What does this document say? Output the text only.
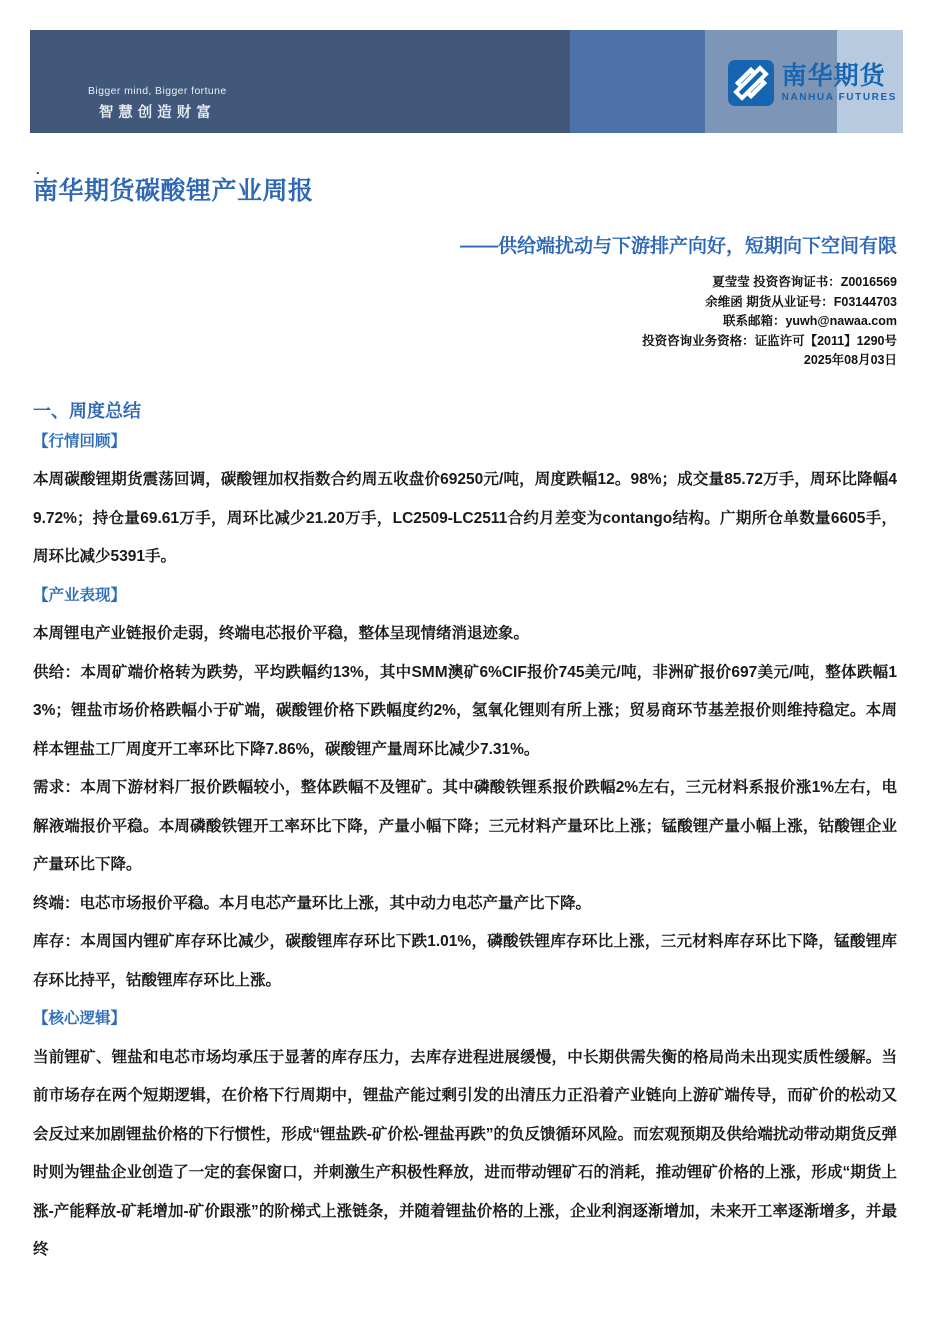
Bigger mind, Bigger fortune
智慧创造财富
南华期货
NANHUA FUTURES
.
南华期货碳酸锂产业周报
——供给端扰动与下游排产向好，短期向下空间有限
夏莹莹 投资咨询证书：Z0016569
余维函 期货从业证号：F03144703
联系邮箱：yuwh@nawaa.com
投资咨询业务资格：证监许可【2011】1290号
2025年08月03日
一、周度总结
【行情回顾】

本周碳酸锂期货震荡回调，碳酸锂加权指数合约周五收盘价69250元/吨，周度跌幅12。98%；成交量85.72万手，周环比降幅49.72%；持仓量69.61万手，周环比减少21.20万手，LC2509-LC2511合约月差变为contango结构。广期所仓单数量6605手，周环比减少5391手。

【产业表现】

本周锂电产业链报价走弱，终端电芯报价平稳，整体呈现情绪消退迹象。

供给：本周矿端价格转为跌势，平均跌幅约13%，其中SMM澳矿6%CIF报价745美元/吨，非洲矿报价697美元/吨，整体跌幅13%；锂盐市场价格跌幅小于矿端，碳酸锂价格下跌幅度约2%，氢氧化锂则有所上涨；贸易商环节基差报价则维持稳定。本周样本锂盐工厂周度开工率环比下降7.86%，碳酸锂产量周环比减少7.31%。

需求：本周下游材料厂报价跌幅较小，整体跌幅不及锂矿。其中磷酸铁锂系报价跌幅2%左右，三元材料系报价涨1%左右，电解液端报价平稳。本周磷酸铁锂开工率环比下降，产量小幅下降；三元材料产量环比上涨；锰酸锂产量小幅上涨，钴酸锂企业产量环比下降。

终端：电芯市场报价平稳。本月电芯产量环比上涨，其中动力电芯产量产比下降。

库存：本周国内锂矿库存环比减少，碳酸锂库存环比下跌1.01%，磷酸铁锂库存环比上涨，三元材料库存环比下降，锰酸锂库存环比持平，钴酸锂库存环比上涨。

【核心逻辑】

当前锂矿、锂盐和电芯市场均承压于显著的库存压力，去库存进程进展缓慢，中长期供需失衡的格局尚未出现实质性缓解。当前市场存在两个短期逻辑，在价格下行周期中，锂盐产能过剩引发的出清压力正沿着产业链向上游矿端传导，而矿价的松动又会反过来加剧锂盐价格的下行惯性，形成“锂盐跌-矿价松-锂盐再跌”的负反馈循环风险。而宏观预期及供给端扰动带动期货反弹时则为锂盐企业创造了一定的套保窗口，并刺激生产积极性释放，进而带动锂矿石的消耗，推动锂矿价格的上涨，形成“期货上涨-产能释放-矿耗增加-矿价跟涨”的阶梯式上涨链条，并随着锂盐价格的上涨，企业利润逐渐增加，未来开工率逐渐增多，并最终
